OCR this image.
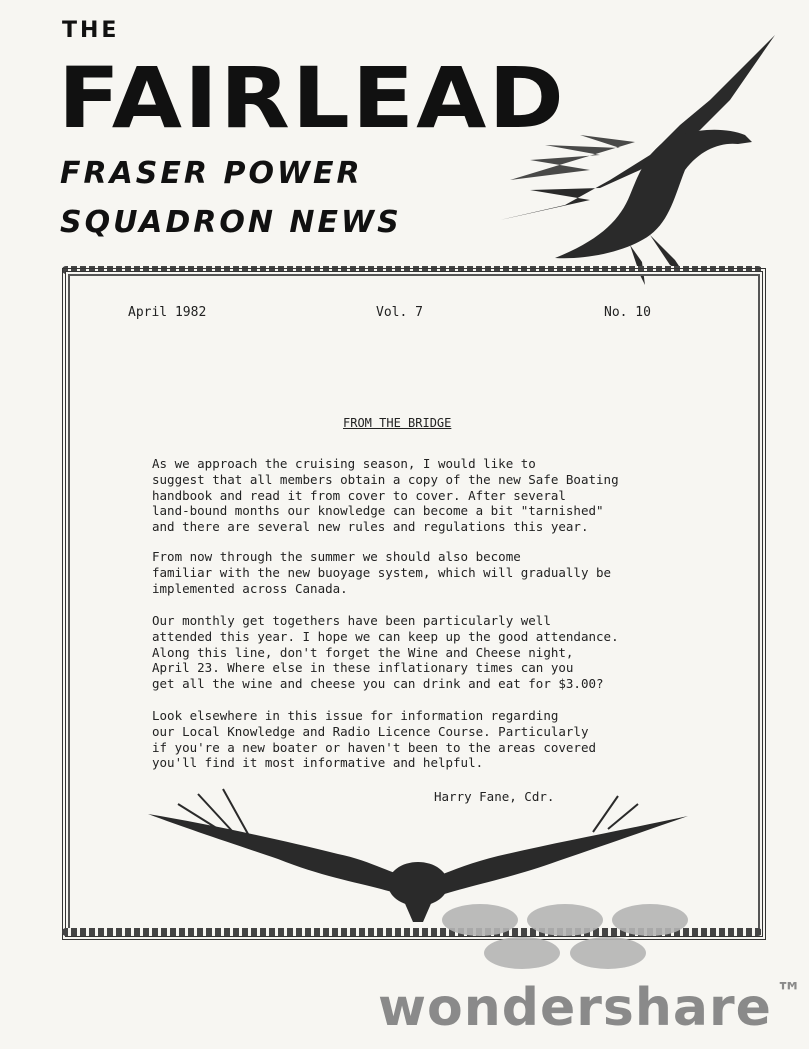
THE
FAIRLEAD
FRASER POWER
SQUADRON NEWS
April 1982	Vol. 7	No. 10
FROM THE BRIDGE
As we approach the cruising season, I would like to
suggest that all members obtain a copy of the new Safe Boating
handbook and read it from cover to cover. After several
land-bound months our knowledge can become a bit "tarnished"
and there are several new rules and regulations this year.
From now through the summer we should also become
familiar with the new buoyage system, which will gradually be
implemented across Canada.
Our monthly get togethers have been particularly well
attended this year. I hope we can keep up the good attendance.
Along this line, don't forget the Wine and Cheese night,
April 23. Where else in these inflationary times can you
get all the wine and cheese you can drink and eat for $3.00?
Look elsewhere in this issue for information regarding
our Local Knowledge and Radio Licence Course. Particularly
if you're a new boater or haven't been to the areas covered
you'll find it most informative and helpful.
Harry Fane, Cdr.
wondershare ™
